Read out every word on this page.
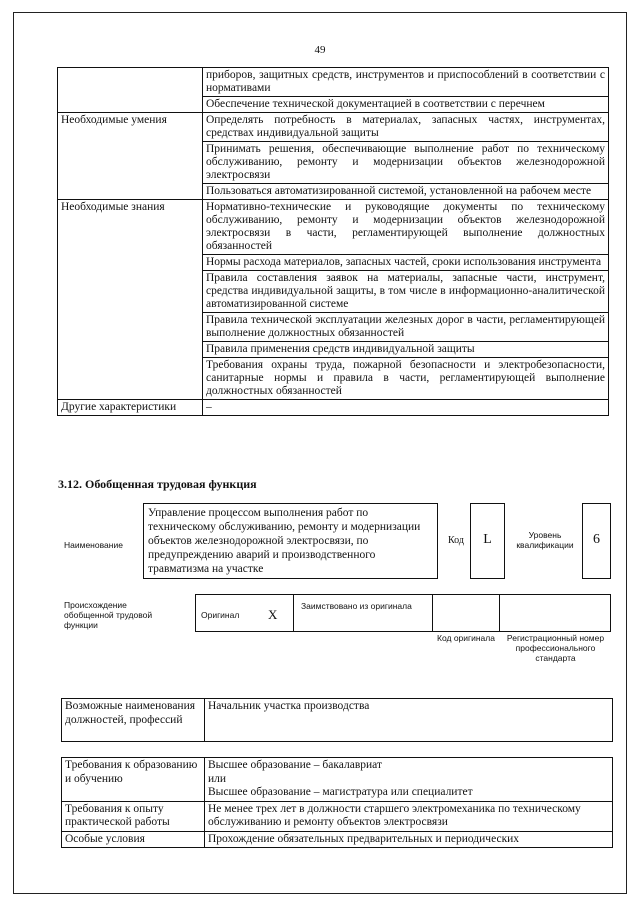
49
	приборов, защитных средств, инструментов и приспособлений в соответствии с нормативами
	Обеспечение технической документацией в соответствии с перечнем
Необходимые умения	Определять потребность в материалах, запасных частях, инструментах, средствах индивидуальной защиты
	Принимать решения, обеспечивающие выполнение работ по техническому обслуживанию, ремонту и модернизации объектов железнодорожной электросвязи
	Пользоваться автоматизированной системой, установленной на рабочем месте
Необходимые знания	Нормативно-технические и руководящие документы по техническому обслуживанию, ремонту и модернизации объектов железнодорожной электросвязи в части, регламентирующей выполнение должностных обязанностей
	Нормы расхода материалов, запасных частей, сроки использования инструмента
	Правила составления заявок на материалы, запасные части, инструмент, средства индивидуальной защиты, в том числе в информационно-аналитической автоматизированной системе
	Правила технической эксплуатации железных дорог в части, регламентирующей выполнение должностных обязанностей
	Правила применения средств индивидуальной защиты
	Требования охраны труда, пожарной безопасности и электробезопасности, санитарные нормы и правила в части, регламентирующей выполнение должностных обязанностей
Другие характеристики	–
3.12. Обобщенная трудовая функция
Наименование
Управление процессом выполнения работ по техническому обслуживанию, ремонту и модернизации объектов железнодорожной электросвязи, по предупреждению аварий и производственного травматизма на участке
Код	L	Уровень квалификации	6
Происхождение обобщенной трудовой функции
Оригинал X
Заимствовано из оригинала
Код оригинала	Регистрационный номер профессионального стандарта
Возможные наименования должностей, профессий	Начальник участка производства
Требования к образованию и обучению	Высшее образование – бакалавриат
или
Высшее образование – магистратура или специалитет

Требования к опыту практической работы	Не менее трех лет в должности старшего электромеханика по техническому обслуживанию и ремонту объектов электросвязи

Особые условия	Прохождение обязательных предварительных и периодических
